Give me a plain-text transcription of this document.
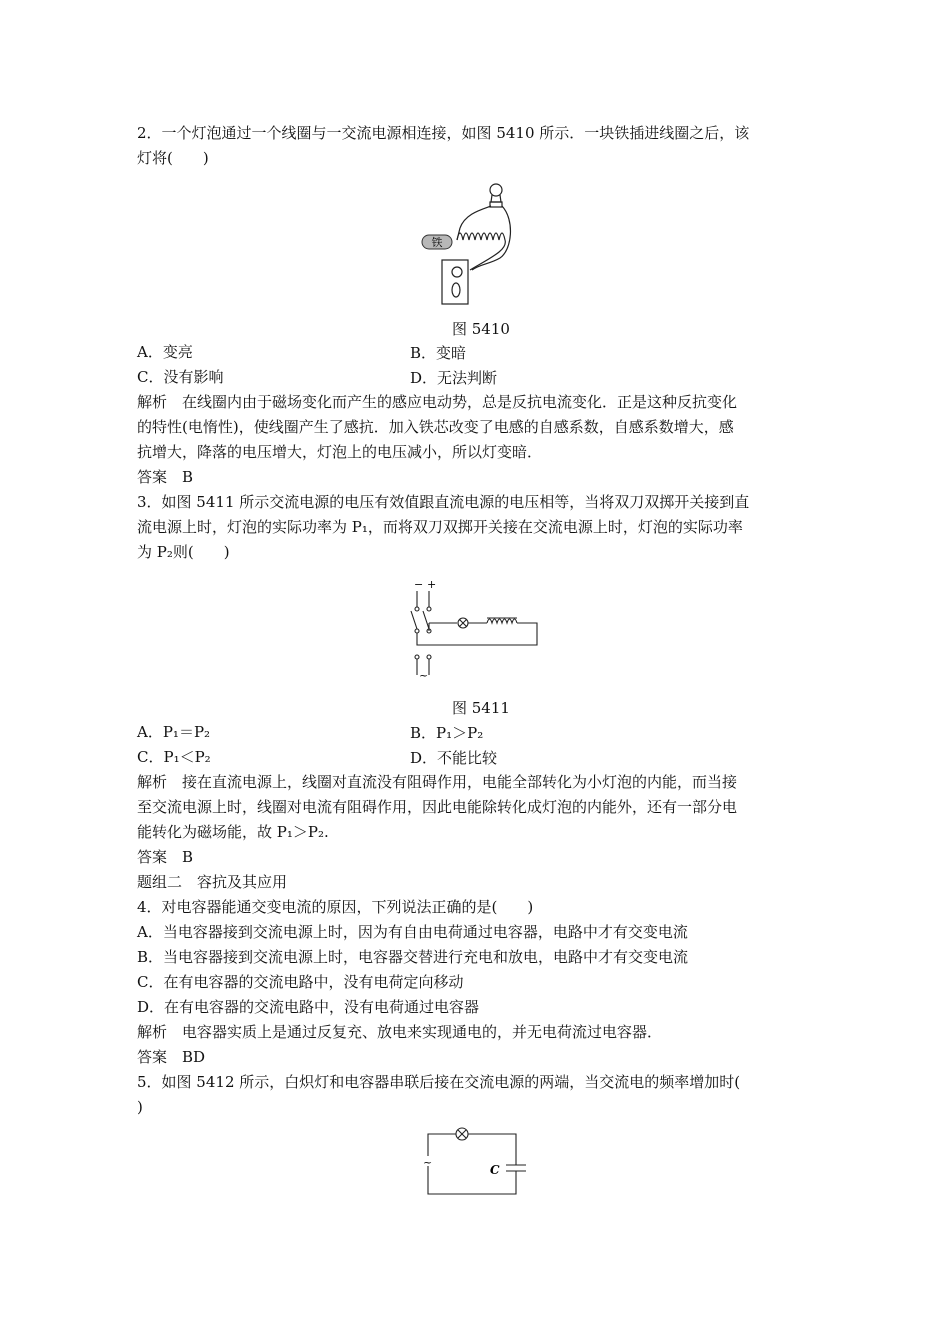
2．一个灯泡通过一个线圈与一交流电源相连接，如图 5410 所示．一块铁插进线圈之后，该
灯将(　　)
铁
图 5410
A．变亮	B．变暗
C．没有影响	D．无法判断
解析　在线圈内由于磁场变化而产生的感应电动势，总是反抗电流变化．正是这种反抗变化
的特性(电惰性)，使线圈产生了感抗．加入铁芯改变了电感的自感系数，自感系数增大，感
抗增大，降落的电压增大，灯泡上的电压减小，所以灯变暗．
答案　B
3．如图 5411 所示交流电源的电压有效值跟直流电源的电压相等，当将双刀双掷开关接到直
流电源上时，灯泡的实际功率为 P₁，而将双刀双掷开关接在交流电源上时，灯泡的实际功率
为 P₂则(　　)
− +
~
图 5411
A．P₁＝P₂	B．P₁＞P₂
C．P₁＜P₂	D．不能比较
解析　接在直流电源上，线圈对直流没有阻碍作用，电能全部转化为小灯泡的内能，而当接
至交流电源上时，线圈对电流有阻碍作用，因此电能除转化成灯泡的内能外，还有一部分电
能转化为磁场能，故 P₁＞P₂.
答案　B
题组二　容抗及其应用
4．对电容器能通交变电流的原因，下列说法正确的是(　　)
A．当电容器接到交流电源上时，因为有自由电荷通过电容器，电路中才有交变电流
B．当电容器接到交流电源上时，电容器交替进行充电和放电，电路中才有交变电流
C．在有电容器的交流电路中，没有电荷定向移动
D．在有电容器的交流电路中，没有电荷通过电容器
解析　电容器实质上是通过反复充、放电来实现通电的，并无电荷流过电容器．
答案　BD
5．如图 5412 所示，白炽灯和电容器串联后接在交流电源的两端，当交流电的频率增加时(
)
~
C
